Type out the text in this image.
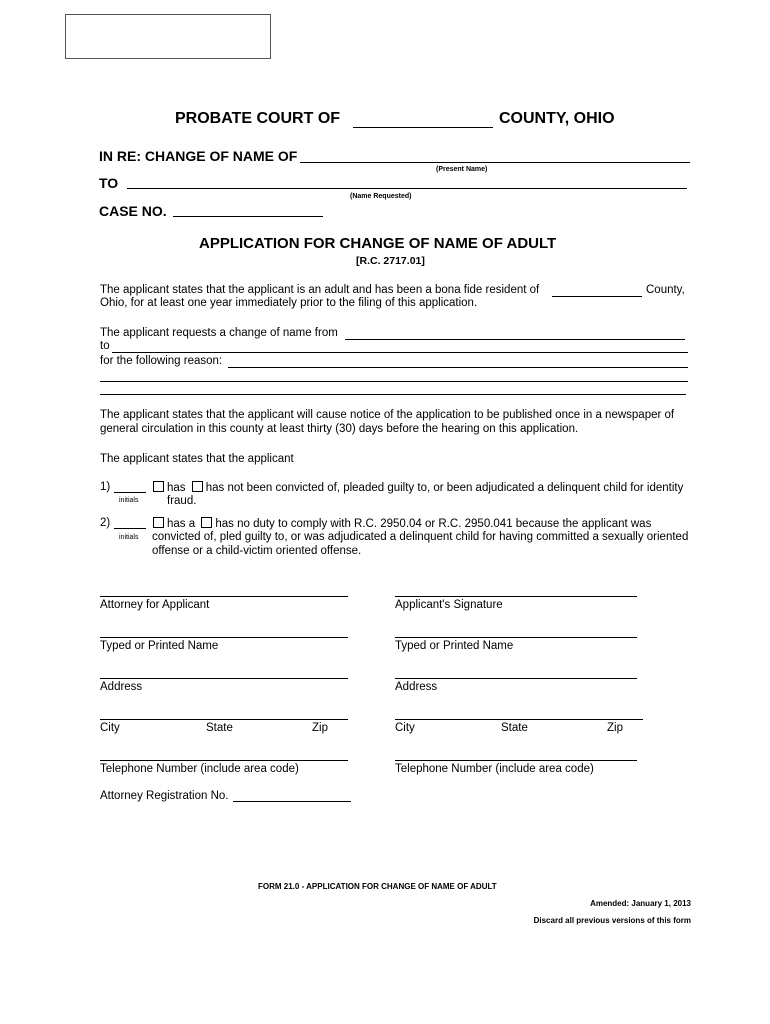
PROBATE COURT OF	COUNTY, OHIO
IN RE: CHANGE OF NAME OF
(Present Name)
TO
(Name Requested)
CASE NO.
APPLICATION FOR CHANGE OF NAME OF ADULT
[R.C. 2717.01]
The applicant states that the applicant is an adult and has been a bona fide resident of	County,
Ohio, for at least one year immediately prior to the filing of this application.
The applicant requests a change of name from
to
for the following reason:
The applicant states that the applicant will cause notice of the application to be published once in a newspaper of
general circulation in this county at least thirty (30) days before the hearing on this application.
The applicant states that the applicant
1)
initials
has has not been convicted of, pleaded guilty to, or been adjudicated a delinquent child for identity
fraud.
2)
initials
has a has no duty to comply with R.C. 2950.04 or R.C. 2950.041 because the applicant was
convicted of, pled guilty to, or was adjudicated a delinquent child for having committed a sexually oriented
offense or a child-victim oriented offense.
Attorney for Applicant
Typed or Printed Name
Address
City	State	Zip
Telephone Number (include area code)
Attorney Registration No.
Applicant's Signature
Typed or Printed Name
Address
City	State	Zip
Telephone Number (include area code)
FORM 21.0 - APPLICATION FOR CHANGE OF NAME OF ADULT
Amended: January 1, 2013
Discard all previous versions of this form
